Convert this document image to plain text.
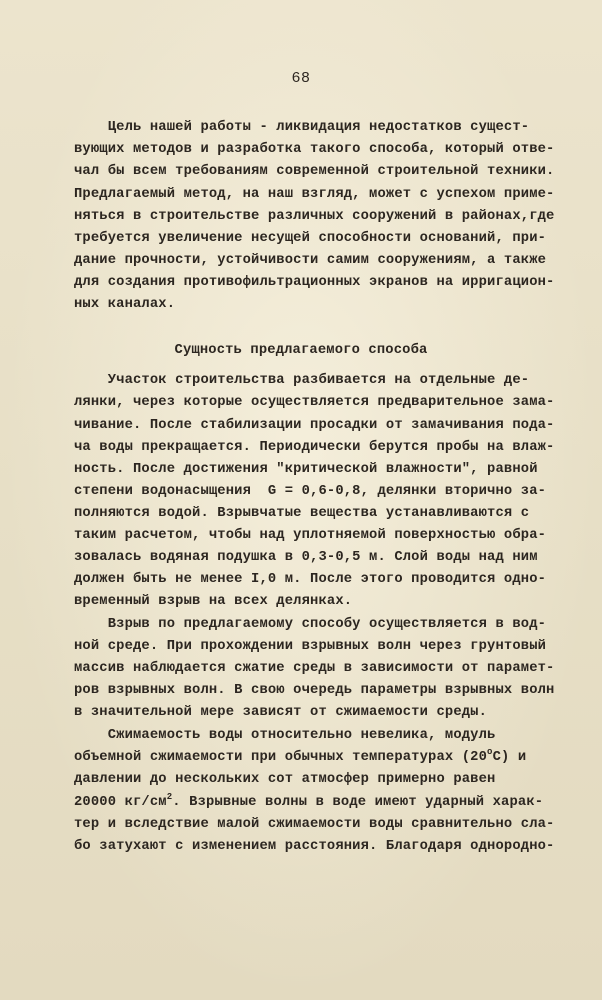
68
Цель нашей работы - ликвидация недостатков сущест-
вующих методов и разработка такого способа, который отве-
чал бы всем требованиям современной строительной техники.
Предлагаемый метод, на наш взгляд, может с успехом приме-
няться в строительстве различных сооружений в районах,где
требуется увеличение несущей способности оснований, при-
дание прочности, устойчивости самим сооружениям, а также
для создания противофильтрационных экранов на ирригацион-
ных каналах.
Сущность предлагаемого способа
Участок строительства разбивается на отдельные де-
лянки, через которые осуществляется предварительное зама-
чивание. После стабилизации просадки от замачивания пода-
ча воды прекращается. Периодически берутся пробы на влаж-
ность. После достижения "критической влажности", равной
степени водонасыщения  G = 0,6-0,8, делянки вторично за-
полняются водой. Взрывчатые вещества устанавливаются с
таким расчетом, чтобы над уплотняемой поверхностью обра-
зовалась водяная подушка в 0,3-0,5 м. Слой воды над ним
должен быть не менее I,0 м. После этого проводится одно-
временный взрыв на всех делянках.
Взрыв по предлагаемому способу осуществляется в вод-
ной среде. При прохождении взрывных волн через грунтовый
массив наблюдается сжатие среды в зависимости от парамет-
ров взрывных волн. В свою очередь параметры взрывных волн
в значительной мере зависят от сжимаемости среды.
Сжимаемость воды относительно невелика, модуль
объемной сжимаемости при обычных температурах (20$^o$C) и
давлении до нескольких сот атмосфер примерно равен
20000 $кг/см^2$. Взрывные волны в воде имеют ударный харак-
тер и вследствие малой сжимаемости воды сравнительно сла-
бо затухают с изменением расстояния. Благодаря однородно-
